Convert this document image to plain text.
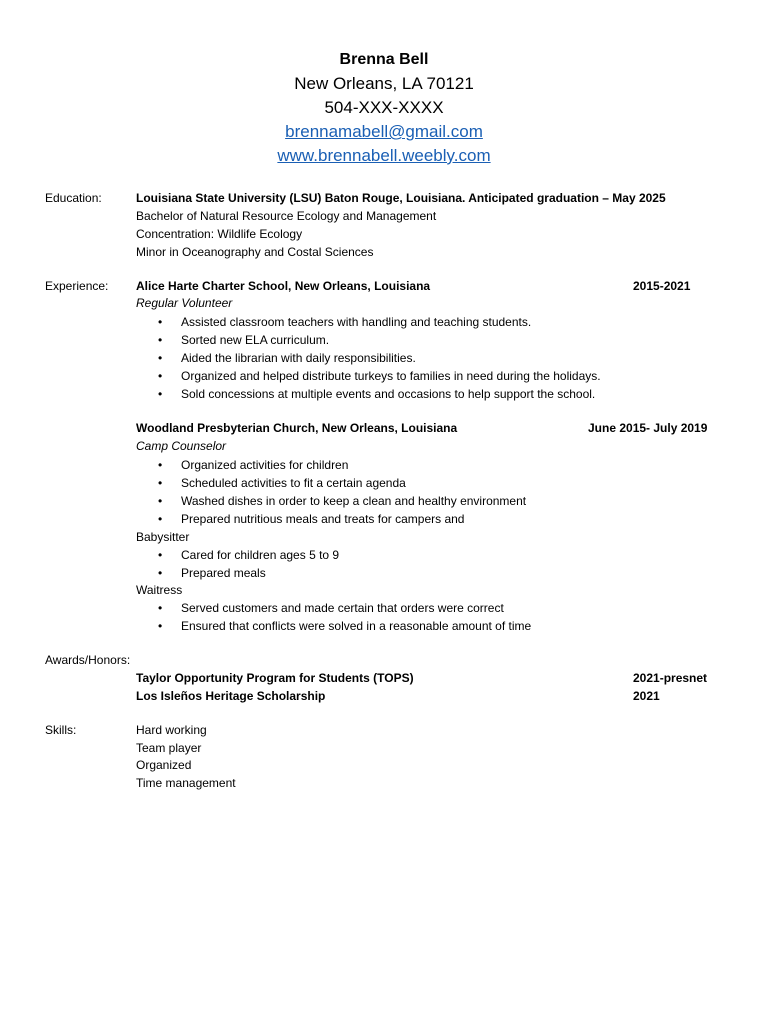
Brenna Bell
New Orleans, LA 70121
504-XXX-XXXX
brennamabell@gmail.com
www.brennabell.weebly.com
Education:	Louisiana State University (LSU) Baton Rouge, Louisiana. Anticipated graduation – May 2025
Bachelor of Natural Resource Ecology and Management
Concentration: Wildlife Ecology
Minor in Oceanography and Costal Sciences
Experience: Alice Harte Charter School, New Orleans, Louisiana	2015-2021
Regular Volunteer
• Assisted classroom teachers with handling and teaching students.
• Sorted new ELA curriculum.
• Aided the librarian with daily responsibilities.
• Organized and helped distribute turkeys to families in need during the holidays.
• Sold concessions at multiple events and occasions to help support the school.
Woodland Presbyterian Church, New Orleans, Louisiana	June 2015- July 2019
Camp Counselor
• Organized activities for children
• Scheduled activities to fit a certain agenda
• Washed dishes in order to keep a clean and healthy environment
• Prepared nutritious meals and treats for campers and
Babysitter
• Cared for children ages 5 to 9
• Prepared meals
Waitress
• Served customers and made certain that orders were correct
• Ensured that conflicts were solved in a reasonable amount of time
Awards/Honors:
Taylor Opportunity Program for Students (TOPS)	2021-presnet
Los Isleños Heritage Scholarship	2021
Skills:	Hard working
Team player
Organized
Time management
